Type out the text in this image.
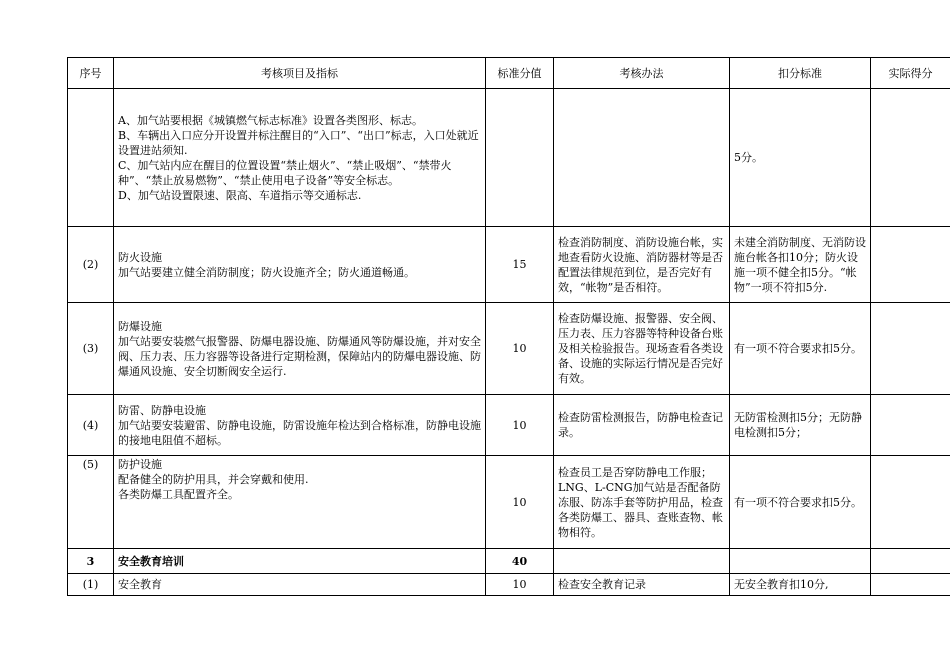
序号	考核项目及指标	标准分值	考核办法	扣分标准	实际得分

	A、加气站要根据《城镇燃气标志标准》设置各类图形、标志。
B、车辆出入口应分开设置并标注醒目的“入口”、“出口”标志，入口处就近设置进站须知.
C、加气站内应在醒目的位置设置“禁止烟火”、“禁止吸烟”、“禁带火种”、“禁止放易燃物”、“禁止使用电子设备”等安全标志。
D、加气站设置限速、限高、车道指示等交通标志.			5分。	
(2)	防火设施
加气站要建立健全消防制度；防火设施齐全；防火通道畅通。	15	检查消防制度、消防设施台帐，实地查看防火设施、消防器材等是否配置法律规范到位，是否完好有效，“帐物”是否相符。	未建全消防制度、无消防设施台帐各扣10分；防火设施一项不健全扣5分。“帐物”一项不符扣5分.	
(3)	防爆设施
加气站要安装燃气报警器、防爆电器设施、防爆通风等防爆设施，并对安全阀、压力表、压力容器等设备进行定期检测，保障站内的防爆电器设施、防爆通风设施、安全切断阀安全运行.	10	检查防爆设施、报警器、安全阀、压力表、压力容器等特种设备台账及相关检验报告。现场查看各类设备、设施的实际运行情况是否完好有效。	有一项不符合要求扣5分。	
(4)	防雷、防静电设施
加气站要安装避雷、防静电设施，防雷设施年检达到合格标准，防静电设施的接地电阻值不超标。	10	检查防雷检测报告，防静电检查记录。	无防雷检测扣5分；无防静电检测扣5分；	
(5)	防护设施
配备健全的防护用具，并会穿戴和使用.
各类防爆工具配置齐全。	10	检查员工是否穿防静电工作服；LNG、L-CNG加气站是否配备防冻服、防冻手套等防护用品，检查各类防爆工、器具、查账查物、帐物相符。	有一项不符合要求扣5分。	
3	安全教育培训	40			
(1)	安全教育	10	检查安全教育记录	无安全教育扣10分,	
